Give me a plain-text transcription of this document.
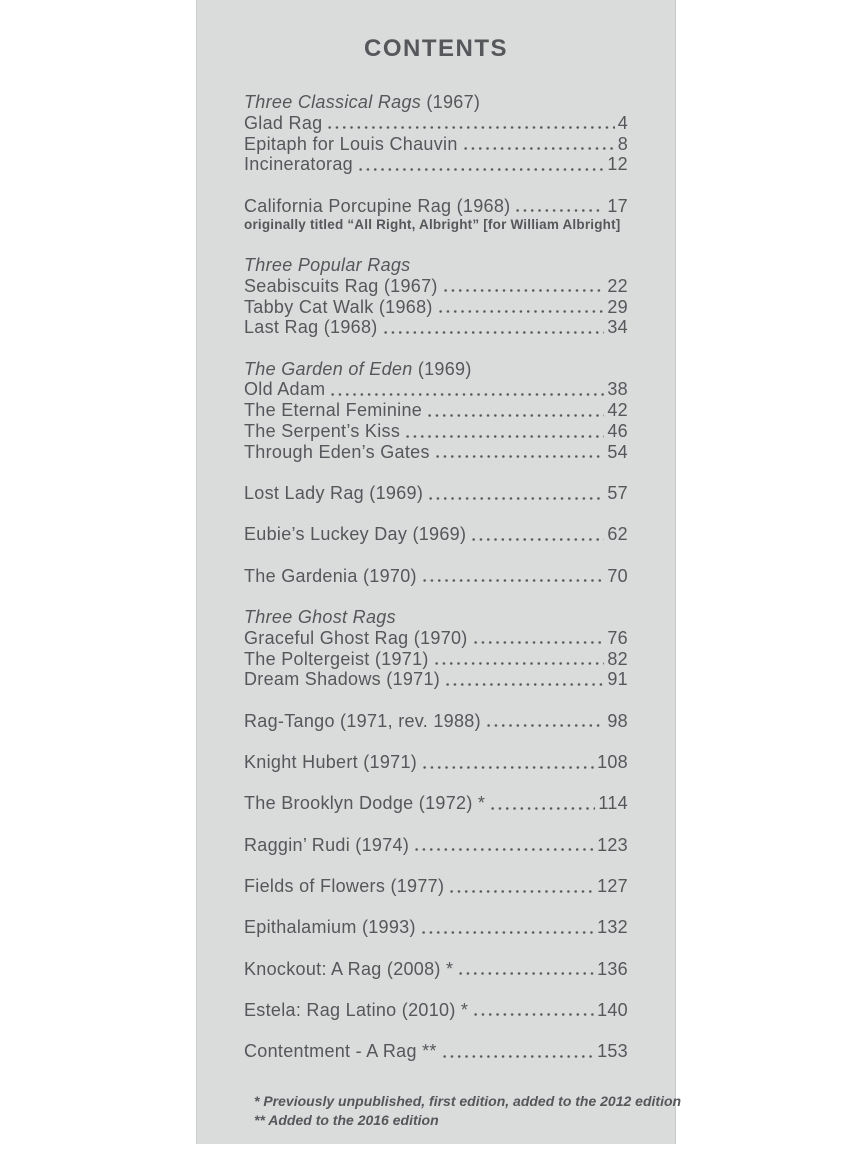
CONTENTS
Three Classical Rags (1967)
Glad Rag	4
Epitaph for Louis Chauvin	8
Incineratorag	12
California Porcupine Rag (1968)	17
originally titled “All Right, Albright” [for William Albright]
Three Popular Rags
Seabiscuits Rag (1967)	22
Tabby Cat Walk (1968)	29
Last Rag (1968)	34
The Garden of Eden (1969)
Old Adam	38
The Eternal Feminine	42
The Serpent’s Kiss	46
Through Eden’s Gates	54
Lost Lady Rag (1969)	57
Eubie’s Luckey Day (1969)	62
The Gardenia (1970)	70
Three Ghost Rags
Graceful Ghost Rag (1970)	76
The Poltergeist (1971)	82
Dream Shadows (1971)	91
Rag-Tango (1971, rev. 1988)	98
Knight Hubert (1971)	108
The Brooklyn Dodge (1972) *	114
Raggin’ Rudi (1974)	123
Fields of Flowers (1977)	127
Epithalamium (1993)	132
Knockout: A Rag (2008) *	136
Estela: Rag Latino (2010) *	140
Contentment - A Rag **	153
* Previously unpublished, first edition, added to the 2012 edition
** Added to the 2016 edition
